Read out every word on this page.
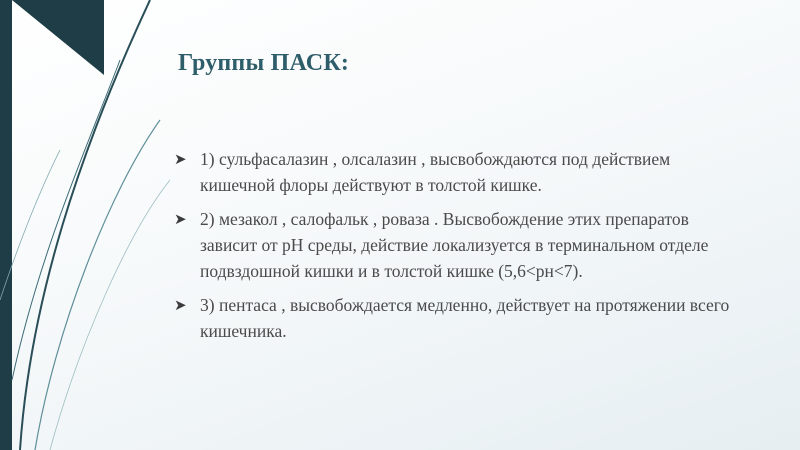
Группы ПАСК:
➤ 1) сульфасалазин , олсалазин , высвобождаются под действием кишечной флоры действуют в толстой кишке.
➤ 2) мезакол , салофальк , роваза . Высвобождение этих препаратов зависит от pH среды, действие локализуется в терминальном отделе подвздошной кишки и в толстой кишке (5,6<pн<7).
➤ 3) пентаса , высвобождается медленно, действует на протяжении всего кишечника.
